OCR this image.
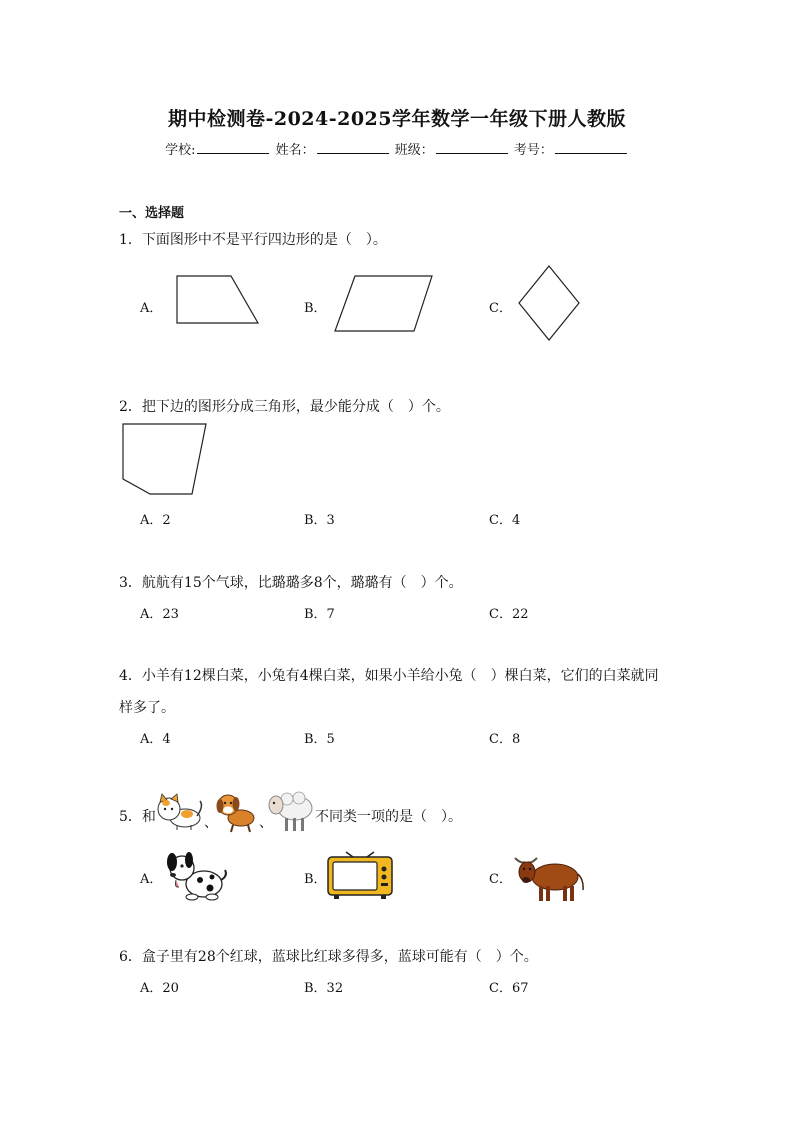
期中检测卷-2024-2025学年数学一年级下册人教版
学校:	姓名：	班级：	考号：
一、选择题
1．下面图形中不是平行四边形的是（　）。
A．	B．	C．
2．把下边的图形分成三角形，最少能分成（　）个。
A．2	B．3	C．4
3．航航有15个气球，比璐璐多8个，璐璐有（　）个。
A．23	B．7	C．22
4．小羊有12棵白菜，小兔有4棵白菜，如果小羊给小兔（　）棵白菜，它们的白菜就同
样多了。
A．4	B．5	C．8
5．和	、	、	不同类一项的是（　）。
A．	B．	C．
6．盒子里有28个红球，蓝球比红球多得多，蓝球可能有（　）个。
A．20	B．32	C．67
